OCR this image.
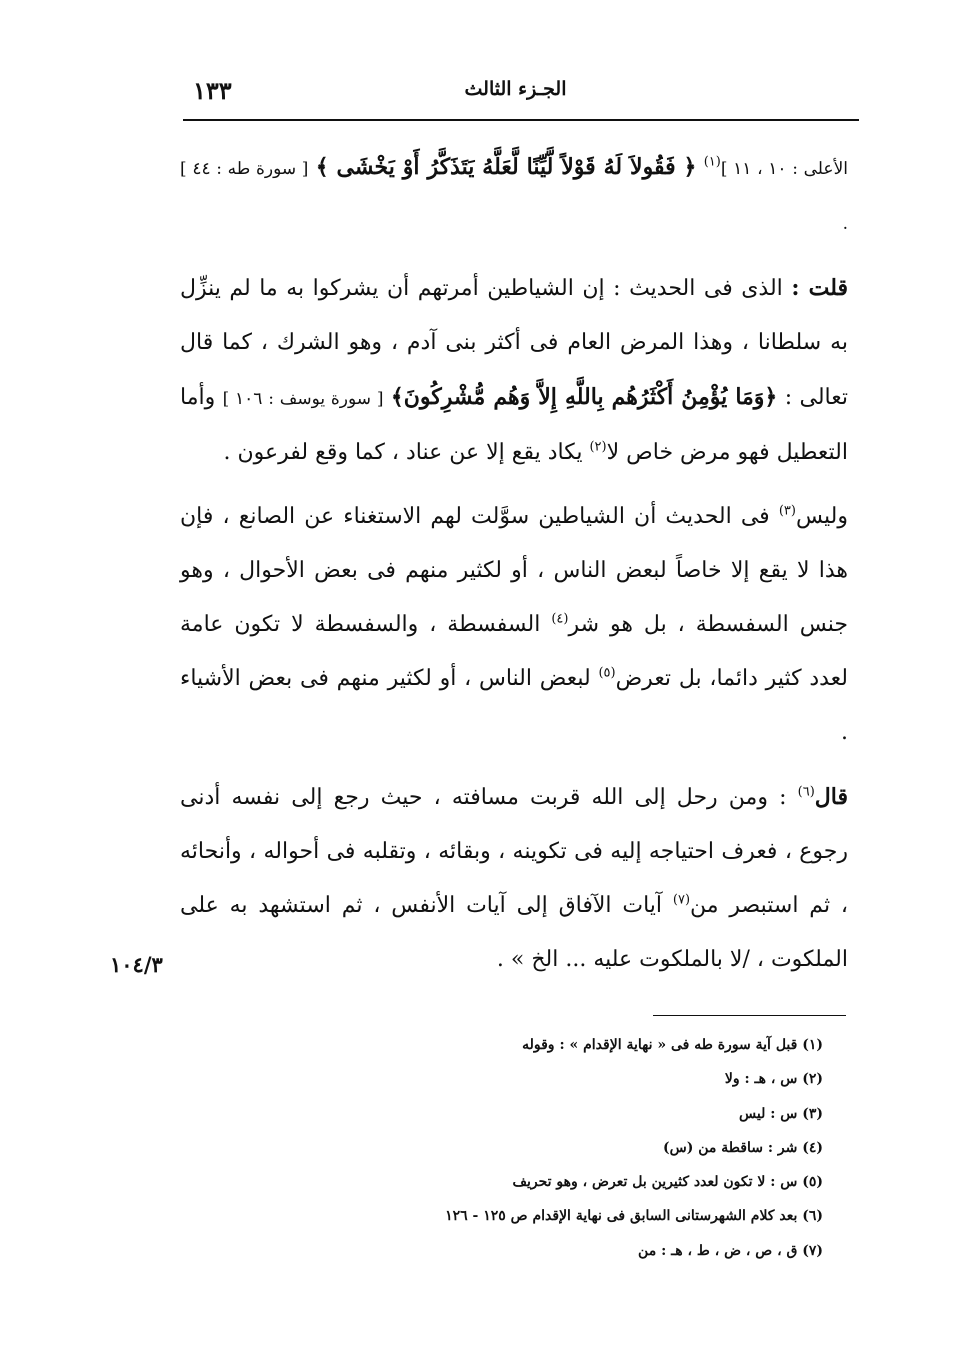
الجـزء الثالث
١٣٣

الأعلى : ١٠ ، ١١ ]$^{(١)}$ ﴿ فَقُولاَ لَهُ قَوْلاً لَّيِّنًا لَّعَلَّهُ يَتَذَكَّرُ أَوْ يَخْشَى ﴾ [ سورة طه : ٤٤ ] .

قلت : الذى فى الحديث : إن الشياطين أمرتهم أن يشركوا به ما لم ينزِّل به سلطانا ، وهذا المرض العام فى أكثر بنى آدم ، وهو الشرك ، كما قال تعالى : ﴿وَمَا يُؤْمِنُ أَكْثَرُهُم بِاللَّهِ إِلاَّ وَهُم مُّشْرِكُونَ﴾ [ سورة يوسف : ١٠٦ ] وأما التعطيل فهو مرض خاص لا$^{(٢)}$ يكاد يقع إلا عن عناد ، كما وقع لفرعون .

وليس$^{(٣)}$ فى الحديث أن الشياطين سوَّلت لهم الاستغناء عن الصانع ، فإن هذا لا يقع إلا خاصاً لبعض الناس ، أو لكثير منهم فى بعض الأحوال ، وهو جنس السفسطة ، بل هو شر$^{(٤)}$ السفسطة ، والسفسطة لا تكون عامة لعدد كثير دائما، بل تعرض$^{(٥)}$ لبعض الناس ، أو لكثير منهم فى بعض الأشياء .

قال$^{(٦)}$ : ومن رحل إلى الله قربت مسافته ، حيث رجع إلى نفسه أدنى رجوع ، فعرف احتياجه إليه فى تكوينه ، وبقائه ، وتقلبه فى أحواله ، وأنحائه ، ثم استبصر من$^{(٧)}$ آيات الآفاق إلى آيات الأنفس ، ثم استشهد به على الملكوت ، /لا بالملكوت عليه ... الخ » .

١٠٤/٣

(١) قبل آية سورة طه فى « نهاية الإقدام » : وقوله

(٢) س ، هـ : ولا

(٣) س : ليس

(٤) شر : ساقطة من (س)

(٥) س : لا تكون لعدد كثيرين بل تعرض ، وهو تحريف

(٦) بعد كلام الشهرستانى السابق فى نهاية الإقدام ص ١٢٥ - ١٢٦

(٧) ق ، ص ، ض ، ط ، هـ : من
